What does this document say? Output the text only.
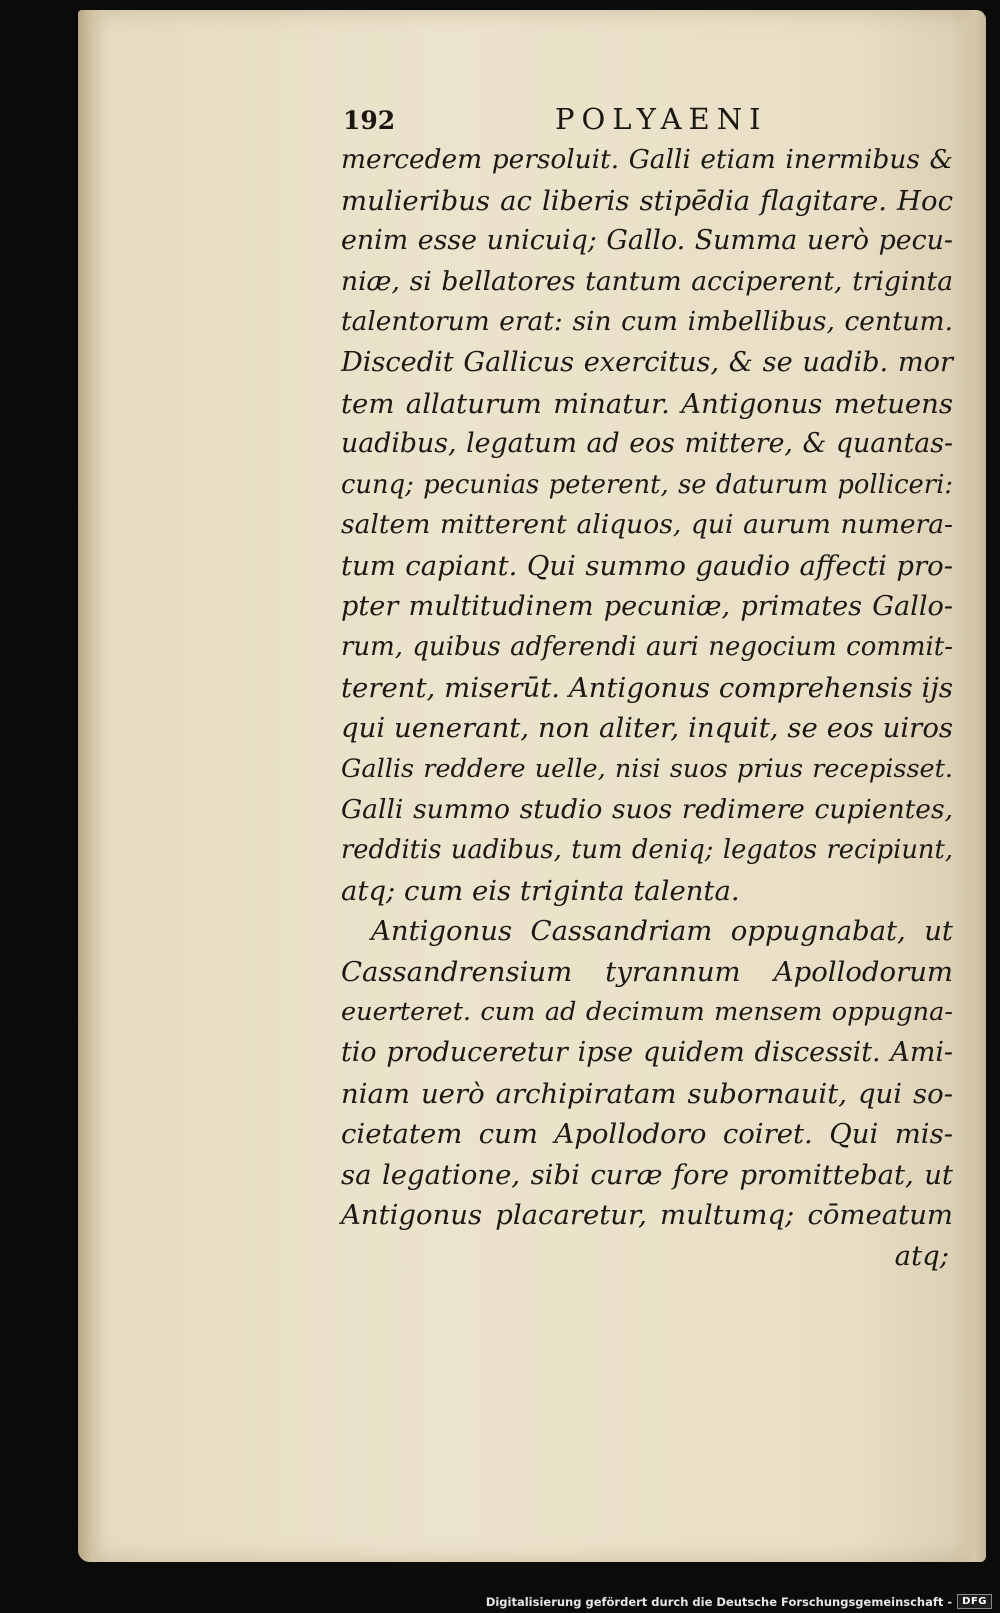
192	POLYAENI
mercedem persoluit. Galli etiam inermibus &
mulieribus ac liberis stipēdia flagitare. Hoc
enim esse unicuiq; Gallo. Summa uerò pecu-
niæ, si bellatores tantum acciperent, triginta
talentorum erat: sin cum imbellibus, centum.
Discedit Gallicus exercitus, & se uadib. mor
tem allaturum minatur. Antigonus metuens
uadibus, legatum ad eos mittere, & quantas-
cunq; pecunias peterent, se daturum polliceri:
saltem mitterent aliquos, qui aurum numera-
tum capiant. Qui summo gaudio affecti pro-
pter multitudinem pecuniæ, primates Gallo-
rum, quibus adferendi auri negocium commit-
terent, miserūt. Antigonus comprehensis ijs
qui uenerant, non aliter, inquit, se eos uiros
Gallis reddere uelle, nisi suos prius recepisset.
Galli summo studio suos redimere cupientes,
redditis uadibus, tum deniq; legatos recipiunt,
atq; cum eis triginta talenta.
Antigonus Cassandriam oppugnabat, ut
Cassandrensium tyrannum Apollodorum
euerteret. cum ad decimum mensem oppugna-
tio produceretur ipse quidem discessit. Ami-
niam uerò archipiratam subornauit, qui so-
cietatem cum Apollodoro coiret. Qui mis-
sa legatione, sibi curæ fore promittebat, ut
Antigonus placaretur, multumq; cōmeatum
atq;
Digitalisierung gefördert durch die Deutsche Forschungsgemeinschaft -	DFG
